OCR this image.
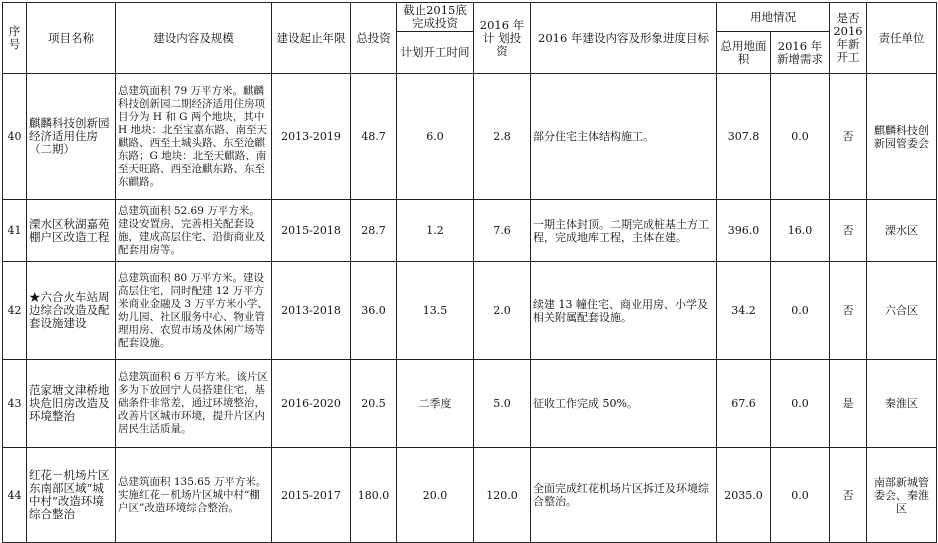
序号	项目名称	建设内容及规模	建设起止年限	总投资	截止2015底完成投资	2016 年计 划投 资	2016 年建设内容及形象进度目标	用地情况		是否2016年新开工	责任单位
					计划开工时间			总用地面积	2016 年新增需求		
40	麒麟科技创新园经济适用住房（二期）	总建筑面积 79 万平方米。麒麟科技创新园二期经济适用住房项目分为 H 和 G 两个地块，其中 H 地块：北至宝嘉东路、南至天麒路、西至土城头路、东至沧麒东路；G 地块：北至天麒路、南至天旺路、西至沧麒东路、东至东麒路。	2013-2019	48.7	6.0	2.8	部分住宅主体结构施工。	307.8	0.0	否	麒麟科技创新园管委会
41	溧水区秋湖嘉苑棚户区改造工程	总建筑面积 52.69 万平方米。建设安置房，完善相关配套设施，建成高层住宅、沿街商业及配套用房等。	2015-2018	28.7	1.2	7.6	一期主体封顶。二期完成桩基土方工程，完成地库工程，主体在建。	396.0	16.0	否	溧水区
42	★六合火车站周边综合改造及配套设施建设	总建筑面积 80 万平方米。建设高层住宅，同时配建 12 万平方米商业金融及 3 万平方米小学、幼儿园、社区服务中心、物业管理用房、农贸市场及休闲广场等配套设施。	2013-2018	36.0	13.5	2.0	续建 13 幢住宅、商业用房、小学及相关附属配套设施。	34.2	0.0	否	六合区
43	范家塘文津桥地块危旧房改造及环境整治	总建筑面积 6 万平方米。该片区多为下放回宁人员搭建住宅，基础条件非常差，通过环境整治，改善片区城市环境，提升片区内居民生活质量。	2016-2020	20.5	二季度	5.0	征收工作完成 50%。	67.6	0.0	是	秦淮区
44	红花－机场片区东南部区域“城中村”改造环境综合整治	总建筑面积 135.65 万平方米。实施红花－机场片区城中村“棚户区”改造环境综合整治。	2015-2017	180.0	20.0	120.0	全面完成红花机场片区拆迁及环境综合整治。	2035.0	0.0	否	南部新城管委会、秦淮区
